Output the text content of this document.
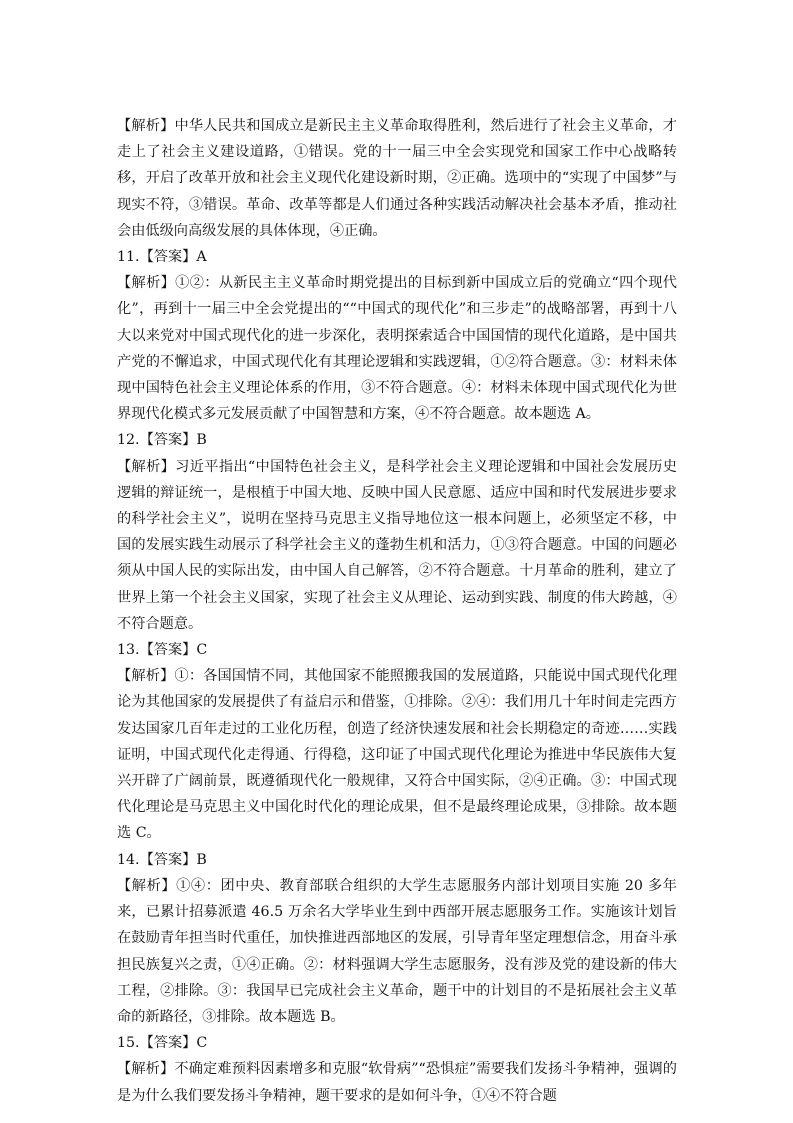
【解析】中华人民共和国成立是新民主主义革命取得胜利，然后进行了社会主义革命，才走上了社会主义建设道路，①错误。党的十一届三中全会实现党和国家工作中心战略转移，开启了改革开放和社会主义现代化建设新时期，②正确。选项中的“实现了中国梦”与现实不符，③错误。革命、改革等都是人们通过各种实践活动解决社会基本矛盾，推动社会由低级向高级发展的具体体现，④正确。

11.【答案】A

【解析】①②：从新民主主义革命时期党提出的目标到新中国成立后的党确立“四个现代化”，再到十一届三中全会党提出的““中国式的现代化”和三步走”的战略部署，再到十八大以来党对中国式现代化的进一步深化，表明探索适合中国国情的现代化道路，是中国共产党的不懈追求，中国式现代化有其理论逻辑和实践逻辑，①②符合题意。③：材料未体现中国特色社会主义理论体系的作用，③不符合题意。④：材料未体现中国式现代化为世界现代化模式多元发展贡献了中国智慧和方案，④不符合题意。故本题选 A。

12.【答案】B

【解析】习近平指出“中国特色社会主义，是科学社会主义理论逻辑和中国社会发展历史逻辑的辩证统一，是根植于中国大地、反映中国人民意愿、适应中国和时代发展进步要求的科学社会主义”，说明在坚持马克思主义指导地位这一根本问题上，必须坚定不移，中国的发展实践生动展示了科学社会主义的蓬勃生机和活力，①③符合题意。中国的问题必须从中国人民的实际出发，由中国人自己解答，②不符合题意。十月革命的胜利，建立了世界上第一个社会主义国家，实现了社会主义从理论、运动到实践、制度的伟大跨越，④不符合题意。

13.【答案】C

【解析】①：各国国情不同，其他国家不能照搬我国的发展道路，只能说中国式现代化理论为其他国家的发展提供了有益启示和借鉴，①排除。②④：我们用几十年时间走完西方发达国家几百年走过的工业化历程，创造了经济快速发展和社会长期稳定的奇迹……实践证明，中国式现代化走得通、行得稳，这印证了中国式现代化理论为推进中华民族伟大复兴开辟了广阔前景，既遵循现代化一般规律，又符合中国实际，②④正确。③：中国式现代化理论是马克思主义中国化时代化的理论成果，但不是最终理论成果，③排除。故本题选 C。

14.【答案】B

【解析】①④：团中央、教育部联合组织的大学生志愿服务内部计划项目实施 20 多年来，已累计招募派遣 46.5 万余名大学毕业生到中西部开展志愿服务工作。实施该计划旨在鼓励青年担当时代重任，加快推进西部地区的发展，引导青年坚定理想信念，用奋斗承担民族复兴之责，①④正确。②：材料强调大学生志愿服务，没有涉及党的建设新的伟大工程，②排除。③：我国早已完成社会主义革命，题干中的计划目的不是拓展社会主义革命的新路径，③排除。故本题选 B。

15.【答案】C

【解析】不确定难预料因素增多和克服“软骨病”“恐惧症”需要我们发扬斗争精神，强调的是为什么我们要发扬斗争精神，题干要求的是如何斗争，①④不符合题
